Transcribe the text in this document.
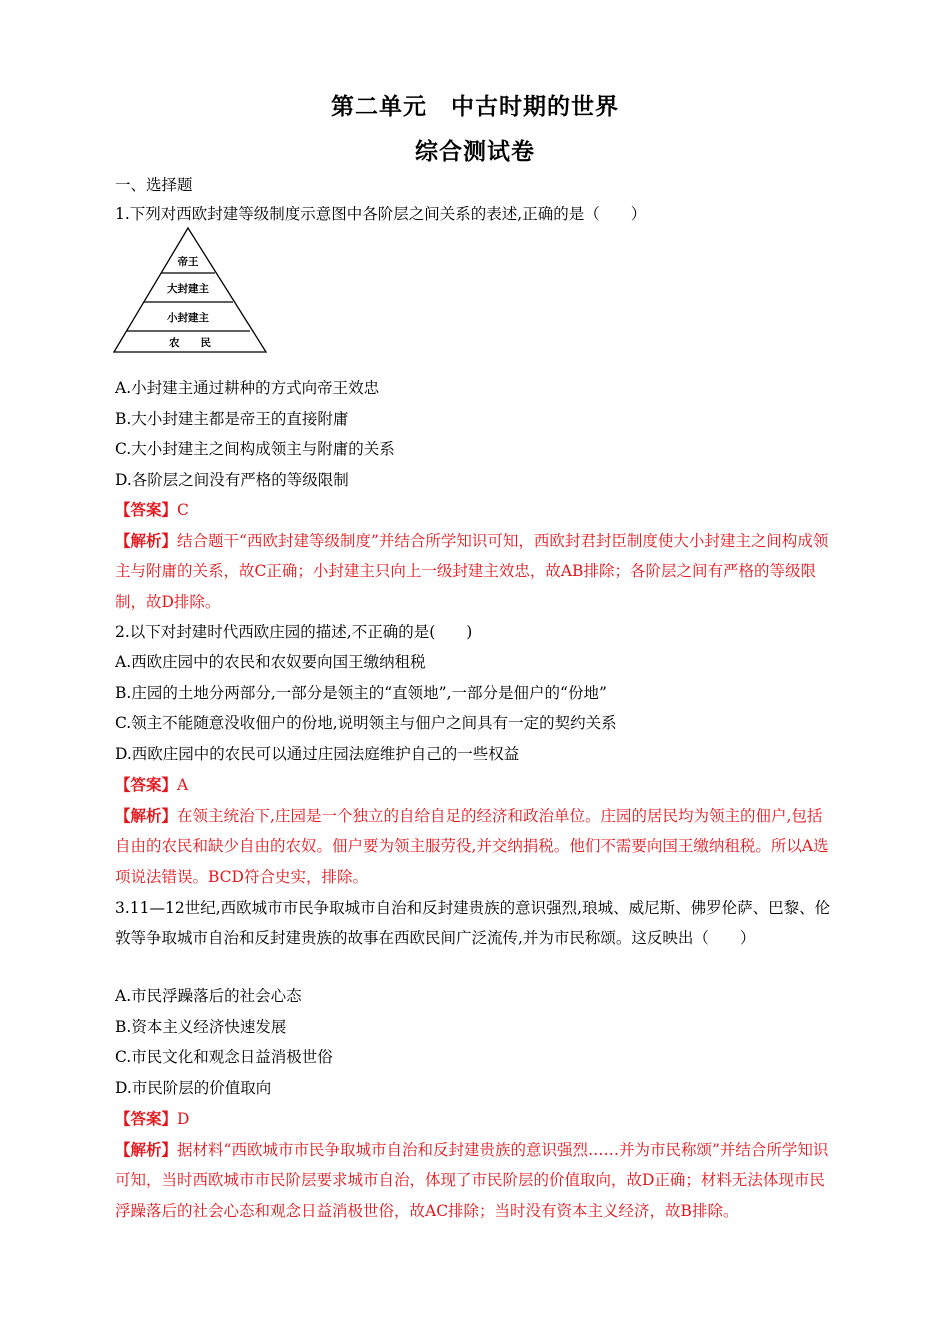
第二单元　中古时期的世界
综合测试卷
一、选择题
1.下列对西欧封建等级制度示意图中各阶层之间关系的表述,正确的是（　　）
帝王
大封建主
小封建主
农　　民
A.小封建主通过耕种的方式向帝王效忠
B.大小封建主都是帝王的直接附庸
C.大小封建主之间构成领主与附庸的关系
D.各阶层之间没有严格的等级限制
【答案】C
【解析】结合题干“西欧封建等级制度”并结合所学知识可知，西欧封君封臣制度使大小封建主之间构成领主与附庸的关系，故C正确；小封建主只向上一级封建主效忠，故AB排除；各阶层之间有严格的等级限制，故D排除。
2.以下对封建时代西欧庄园的描述,不正确的是(　　)
A.西欧庄园中的农民和农奴要向国王缴纳租税
B.庄园的土地分两部分,一部分是领主的“直领地”,一部分是佃户的“份地”
C.领主不能随意没收佃户的份地,说明领主与佃户之间具有一定的契约关系
D.西欧庄园中的农民可以通过庄园法庭维护自己的一些权益
【答案】A
【解析】在领主统治下,庄园是一个独立的自给自足的经济和政治单位。庄园的居民均为领主的佃户,包括自由的农民和缺少自由的农奴。佃户要为领主服劳役,并交纳捐税。他们不需要向国王缴纳租税。所以A选项说法错误。BCD符合史实，排除。
3.11—12世纪,西欧城市市民争取城市自治和反封建贵族的意识强烈,琅城、威尼斯、佛罗伦萨、巴黎、伦敦等争取城市自治和反封建贵族的故事在西欧民间广泛流传,并为市民称颂。这反映出（　　）
A.市民浮躁落后的社会心态
B.资本主义经济快速发展
C.市民文化和观念日益消极世俗
D.市民阶层的价值取向
【答案】D
【解析】据材料“西欧城市市民争取城市自治和反封建贵族的意识强烈……并为市民称颂”并结合所学知识可知，当时西欧城市市民阶层要求城市自治，体现了市民阶层的价值取向，故D正确；材料无法体现市民浮躁落后的社会心态和观念日益消极世俗，故AC排除；当时没有资本主义经济，故B排除。
